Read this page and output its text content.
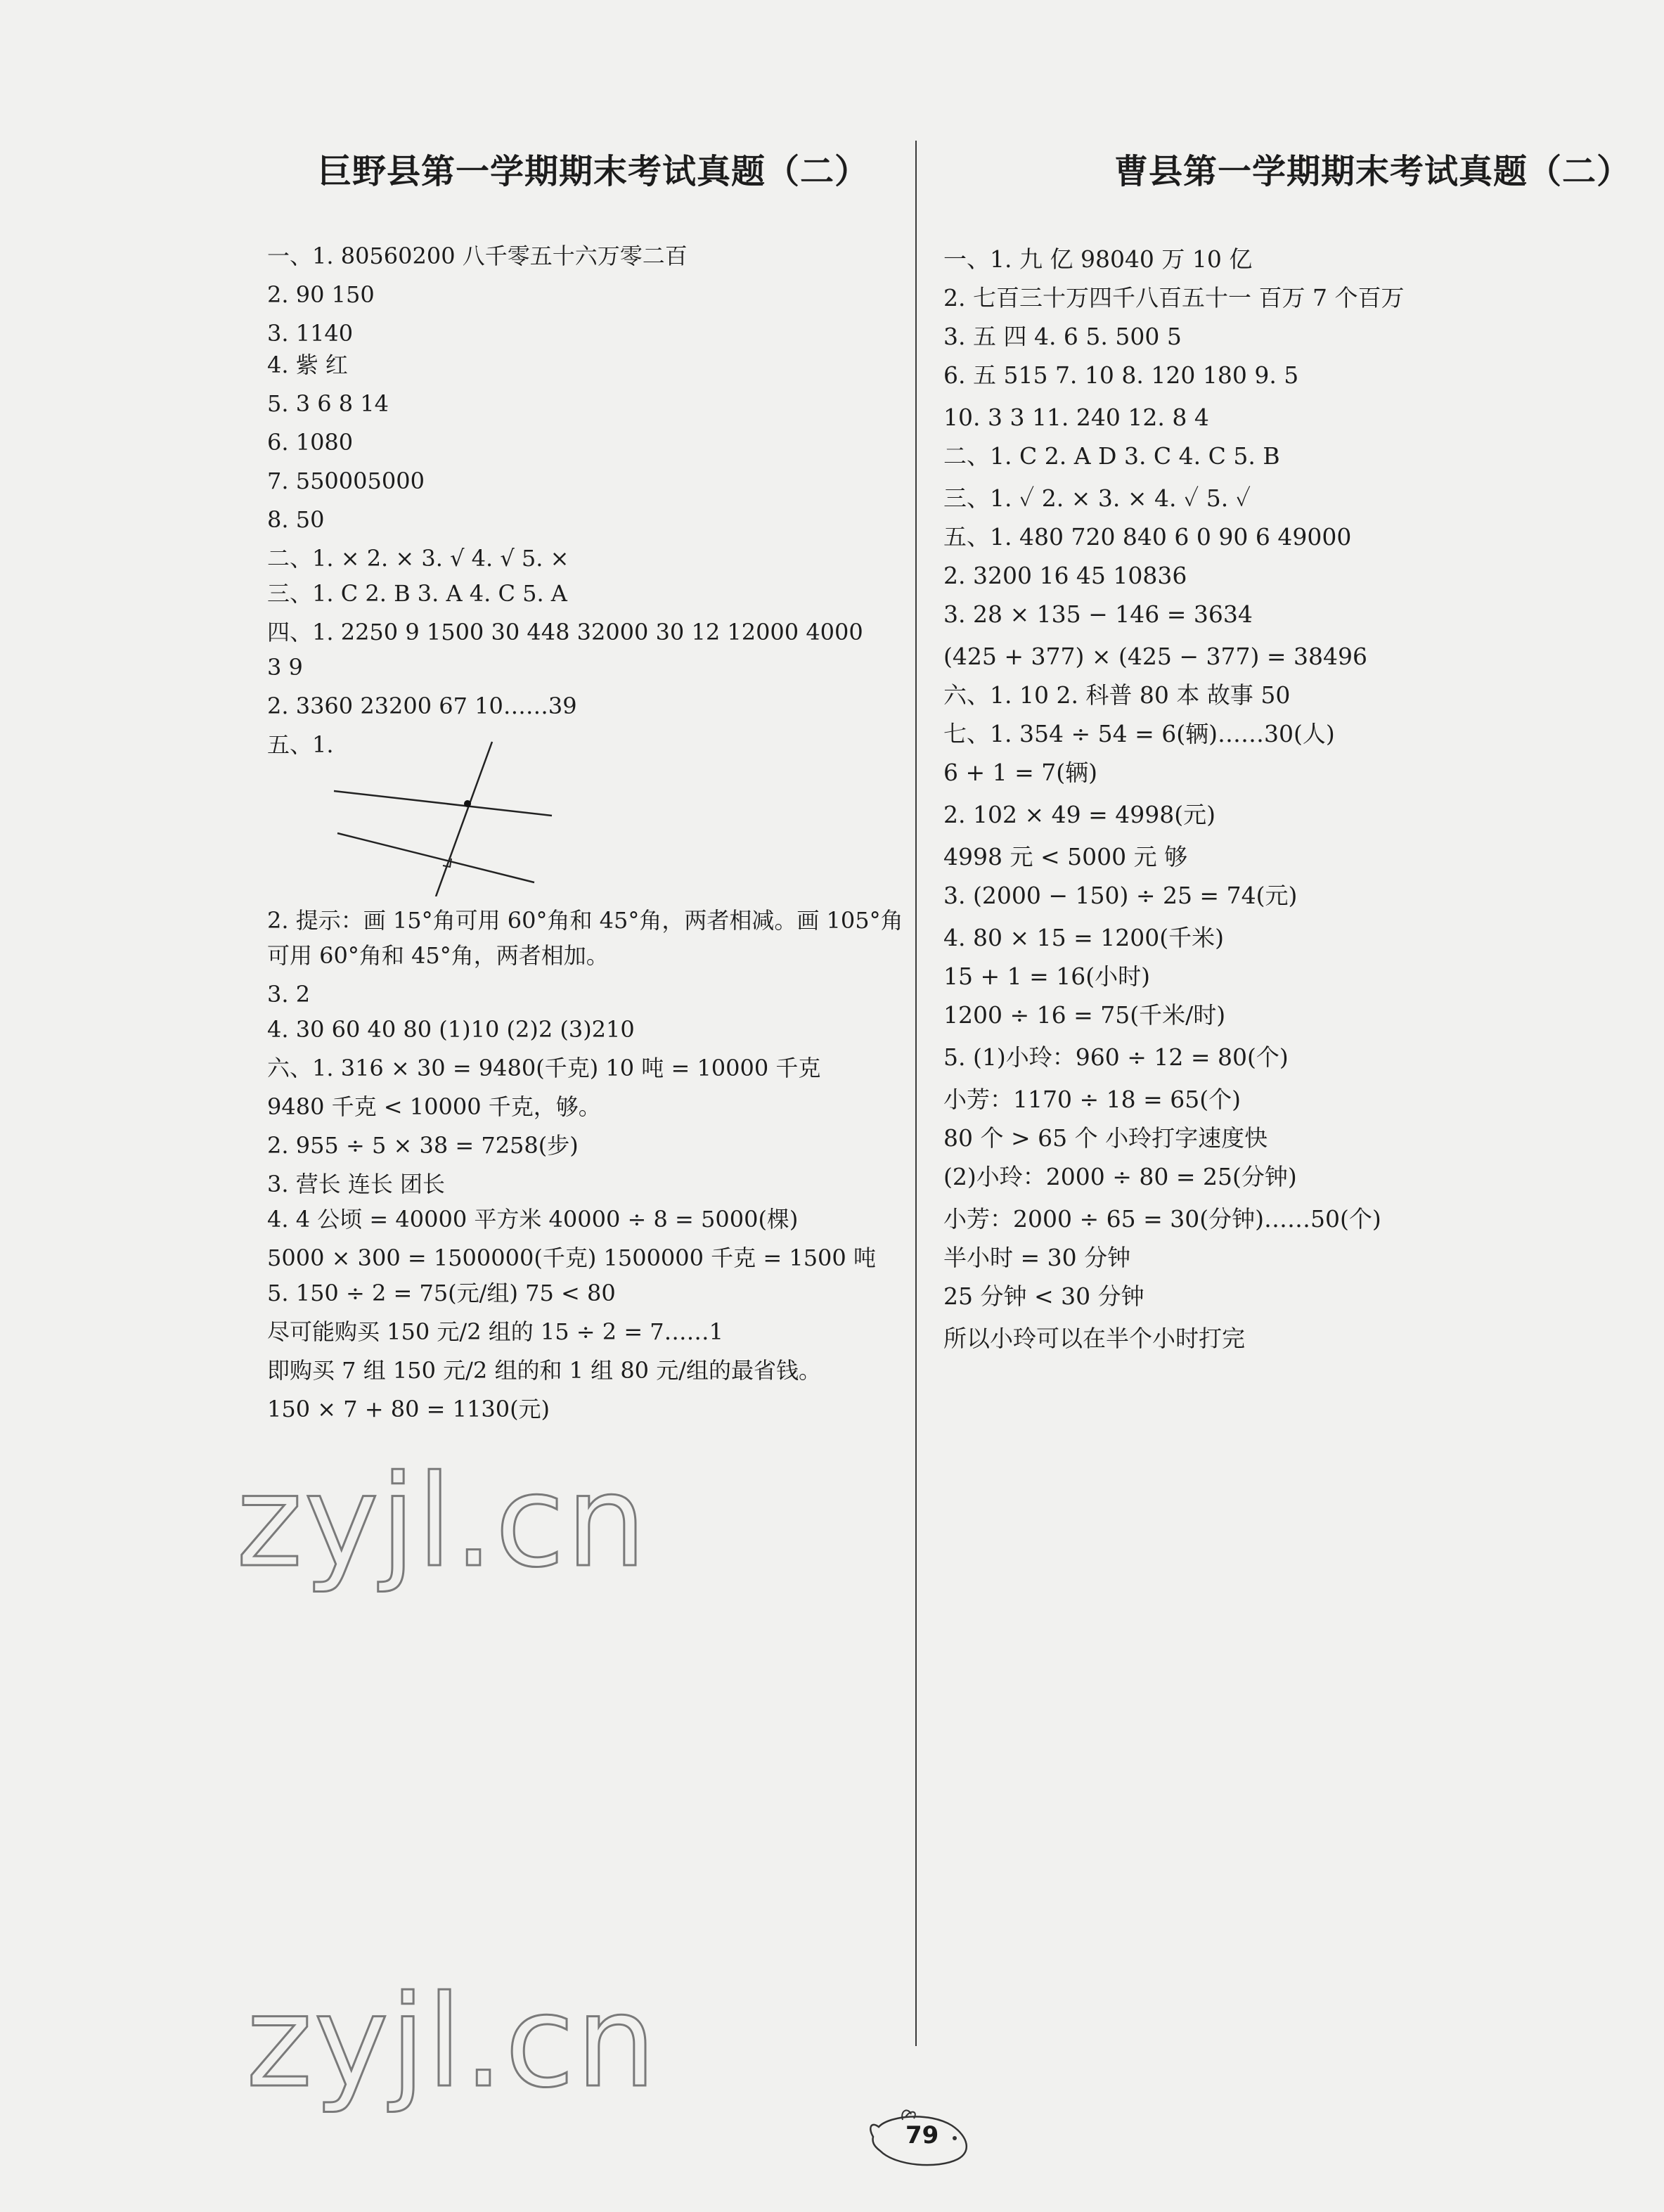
巨野县第一学期期末考试真题（二）	曹县第一学期期末考试真题（二）

一、1. 80560200 八千零五十六万零二百

2. 90 150

3. 1140

4. 紫 红

5. 3 6 8 14

6. 1080

7. 550005000

8. 50

二、1. × 2. × 3. √ 4. √ 5. ×

三、1. C 2. B 3. A 4. C 5. A

四、1. 2250 9 1500 30 448 32000 30 12 12000 4000

3 9

2. 3360 23200 67 10……39

五、1.

2. 提示：画 15°角可用 60°角和 45°角，两者相减。画 105°角

可用 60°角和 45°角，两者相加。

3. 2

4. 30 60 40 80 (1)10 (2)2 (3)210

六、1. 316 × 30 = 9480(千克) 10 吨 = 10000 千克

9480 千克 < 10000 千克，够。

2. 955 ÷ 5 × 38 = 7258(步)

3. 营长 连长 团长

4. 4 公顷 = 40000 平方米 40000 ÷ 8 = 5000(棵)

5000 × 300 = 1500000(千克) 1500000 千克 = 1500 吨

5. 150 ÷ 2 = 75(元/组) 75 < 80

尽可能购买 150 元/2 组的 15 ÷ 2 = 7……1

即购买 7 组 150 元/2 组的和 1 组 80 元/组的最省钱。

150 × 7 + 80 = 1130(元)

一、1. 九 亿 98040 万 10 亿

2. 七百三十万四千八百五十一 百万 7 个百万

3. 五 四 4. 6 5. 500 5

6. 五 515 7. 10 8. 120 180 9. 5

10. 3 3 11. 240 12. 8 4

二、1. C 2. A D 3. C 4. C 5. B

三、1. ✓ 2. × 3. × 4. ✓ 5. ✓

五、1. 480 720 840 6 0 90 6 49000

2. 3200 16 45 10836

3. 28 × 135 − 146 = 3634

(425 + 377) × (425 − 377) = 38496

六、1. 10 2. 科普 80 本 故事 50

七、1. 354 ÷ 54 = 6(辆)……30(人)

6 + 1 = 7(辆)

2. 102 × 49 = 4998(元)

4998 元 < 5000 元 够

3. (2000 − 150) ÷ 25 = 74(元)

4. 80 × 15 = 1200(千米)

15 + 1 = 16(小时)

1200 ÷ 16 = 75(千米/时)

5. (1)小玲：960 ÷ 12 = 80(个)

小芳：1170 ÷ 18 = 65(个)

80 个 > 65 个 小玲打字速度快

(2)小玲：2000 ÷ 80 = 25(分钟)

小芳：2000 ÷ 65 = 30(分钟)……50(个)

半小时 = 30 分钟

25 分钟 < 30 分钟

所以小玲可以在半个小时打完

zyjl.cn
zyjl.cn
79
